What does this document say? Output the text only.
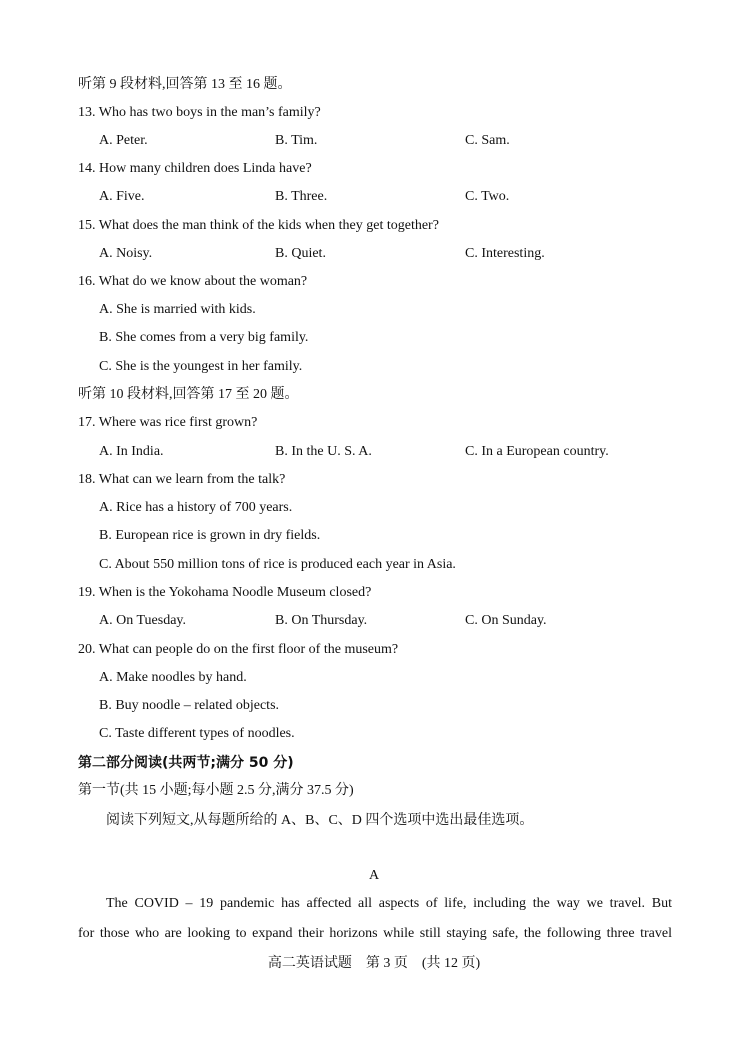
听第 9 段材料,回答第 13 至 16 题。
13. Who has two boys in the man’s family?
A. Peter.	B. Tim.	C. Sam.
14. How many children does Linda have?
A. Five.	B. Three.	C. Two.
15. What does the man think of the kids when they get together?
A. Noisy.	B. Quiet.	C. Interesting.
16. What do we know about the woman?
A. She is married with kids.
B. She comes from a very big family.
C. She is the youngest in her family.
听第 10 段材料,回答第 17 至 20 题。
17. Where was rice first grown?
A. In India.	B. In the U. S. A.	C. In a European country.
18. What can we learn from the talk?
A. Rice has a history of 700 years.
B. European rice is grown in dry fields.
C. About 550 million tons of rice is produced each year in Asia.
19. When is the Yokohama Noodle Museum closed?
A. On Tuesday.	B. On Thursday.	C. On Sunday.
20. What can people do on the first floor of the museum?
A. Make noodles by hand.
B. Buy noodle – related objects.
C. Taste different types of noodles.
第二部分阅读(共两节;满分 50 分)
第一节(共 15 小题;每小题 2.5 分,满分 37.5 分)
阅读下列短文,从每题所给的 A、B、C、D 四个选项中选出最佳选项。
A
The COVID – 19 pandemic has affected all aspects of life, including the way we travel. But
for those who are looking to expand their horizons while still staying safe, the following three travel
高二英语试题　第 3 页　(共 12 页)
